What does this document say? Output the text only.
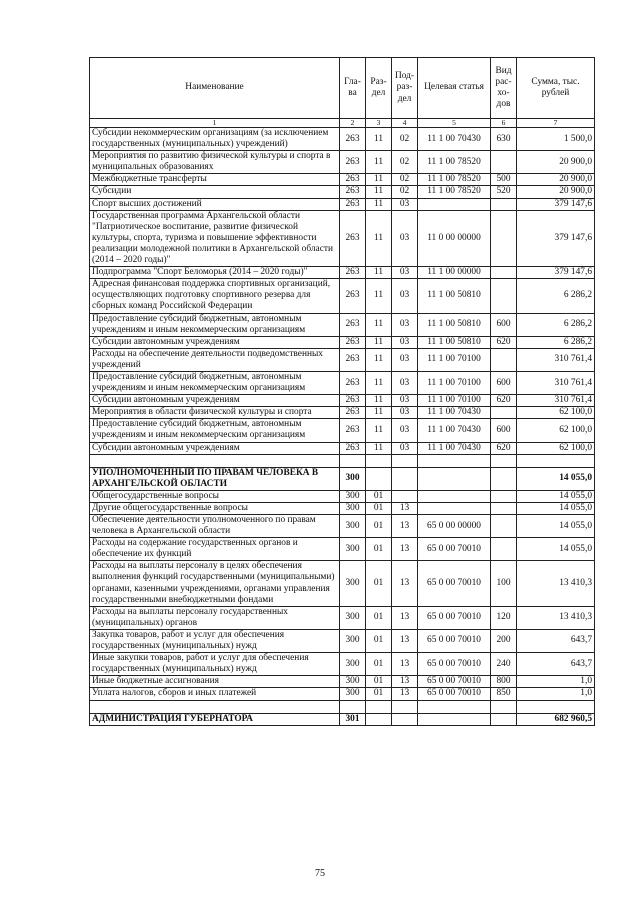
Наименование	Гла-ва	Раз-дел	Под-раз-дел	Целевая статья	Вид рас-хо-дов	Сумма, тыс. рублей
1	2	3	4	5	6	7
Субсидии некоммерческим организациям (за исключением государственных (муниципальных) учреждений)	263	11	02	11 1 00 70430	630	1 500,0
Мероприятия по развитию физической культуры и спорта в муниципальных образованиях	263	11	02	11 1 00 78520		20 900,0
Межбюджетные трансферты	263	11	02	11 1 00 78520	500	20 900,0
Субсидии	263	11	02	11 1 00 78520	520	20 900,0
Спорт высших достижений	263	11	03			379 147,6
Государственная программа Архангельской области "Патриотическое воспитание, развитие физической культуры, спорта, туризма и повышение эффективности реализации молодежной политики в Архангельской области (2014 – 2020 годы)"	263	11	03	11 0 00 00000		379 147,6
Подпрограмма "Спорт Беломорья (2014 – 2020 годы)"	263	11	03	11 1 00 00000		379 147,6
Адресная финансовая поддержка спортивных организаций, осуществляющих подготовку спортивного резерва для сборных команд Российской Федерации	263	11	03	11 1 00 50810		6 286,2
Предоставление субсидий бюджетным, автономным учреждениям и иным некоммерческим организациям	263	11	03	11 1 00 50810	600	6 286,2
Субсидии автономным учреждениям	263	11	03	11 1 00 50810	620	6 286,2
Расходы на обеспечение деятельности подведомственных учреждений	263	11	03	11 1 00 70100		310 761,4
Предоставление субсидий бюджетным, автономным учреждениям и иным некоммерческим организациям	263	11	03	11 1 00 70100	600	310 761,4
Субсидии автономным учреждениям	263	11	03	11 1 00 70100	620	310 761,4
Мероприятия в области физической культуры и спорта	263	11	03	11 1 00 70430		62 100,0
Предоставление субсидий бюджетным, автономным учреждениям и иным некоммерческим организациям	263	11	03	11 1 00 70430	600	62 100,0
Субсидии автономным учреждениям	263	11	03	11 1 00 70430	620	62 100,0

УПОЛНОМОЧЕННЫЙ ПО ПРАВАМ ЧЕЛОВЕКА В АРХАНГЕЛЬСКОЙ ОБЛАСТИ	300					14 055,0
Общегосударственные вопросы	300	01				14 055,0
Другие общегосударственные вопросы	300	01	13			14 055,0
Обеспечение деятельности уполномоченного по правам человека в Архангельской области	300	01	13	65 0 00 00000		14 055,0
Расходы на содержание государственных органов и обеспечение их функций	300	01	13	65 0 00 70010		14 055,0
Расходы на выплаты персоналу в целях обеспечения выполнения функций государственными (муниципальными) органами, казенными учреждениями, органами управления государственными внебюджетными фондами	300	01	13	65 0 00 70010	100	13 410,3
Расходы на выплаты персоналу государственных (муниципальных) органов	300	01	13	65 0 00 70010	120	13 410,3
Закупка товаров, работ и услуг для обеспечения государственных (муниципальных) нужд	300	01	13	65 0 00 70010	200	643,7
Иные закупки товаров, работ и услуг для обеспечения государственных (муниципальных) нужд	300	01	13	65 0 00 70010	240	643,7
Иные бюджетные ассигнования	300	01	13	65 0 00 70010	800	1,0
Уплата налогов, сборов и иных платежей	300	01	13	65 0 00 70010	850	1,0

АДМИНИСТРАЦИЯ ГУБЕРНАТОРА	301					682 960,5
75
